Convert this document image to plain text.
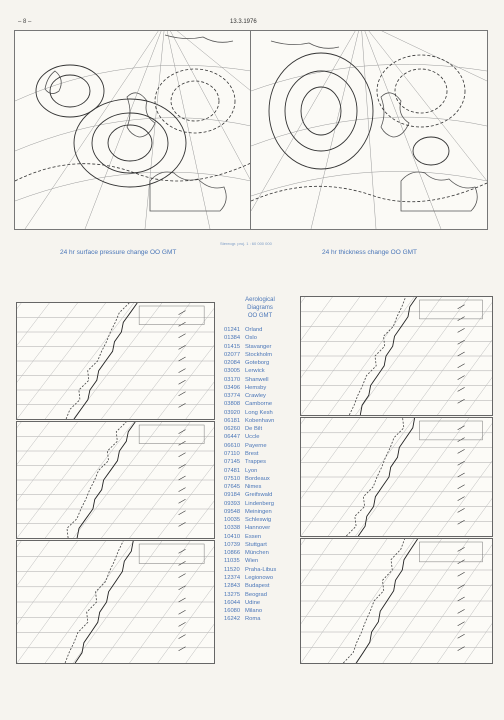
– 8 –	13.3.1976
Stereogr. proj. 1 : 60 000 000
24 hr surface pressure change OO GMT	24 hr thickness change OO GMT
Aerological
Diagrams
OO GMT
01241 Orland
01384 Oslo
01415 Stavanger
02077 Stockholm
02084 Goteborg
03005 Lerwick
03170 Shanwell
03496 Hemsby
03774 Crawley
03808 Camborne
03920 Long Kesh
06181 Kobenhavn
06260 De Bilt
06447 Uccle
06610 Payerne
07110 Brest
07145 Trappes
07481 Lyon
07510 Bordeaux
07645 Nimes
09184 Greifswald
09393 Lindenberg
09548 Meiningen
10035 Schleswig
10338 Hannover
10410 Essen
10739 Stuttgart
10866 München
11035 Wien
11520 Praha-Libus
12374 Legionowo
12843 Budapest
13275 Beograd
16044 Udine
16080 Milano
16242 Roma
